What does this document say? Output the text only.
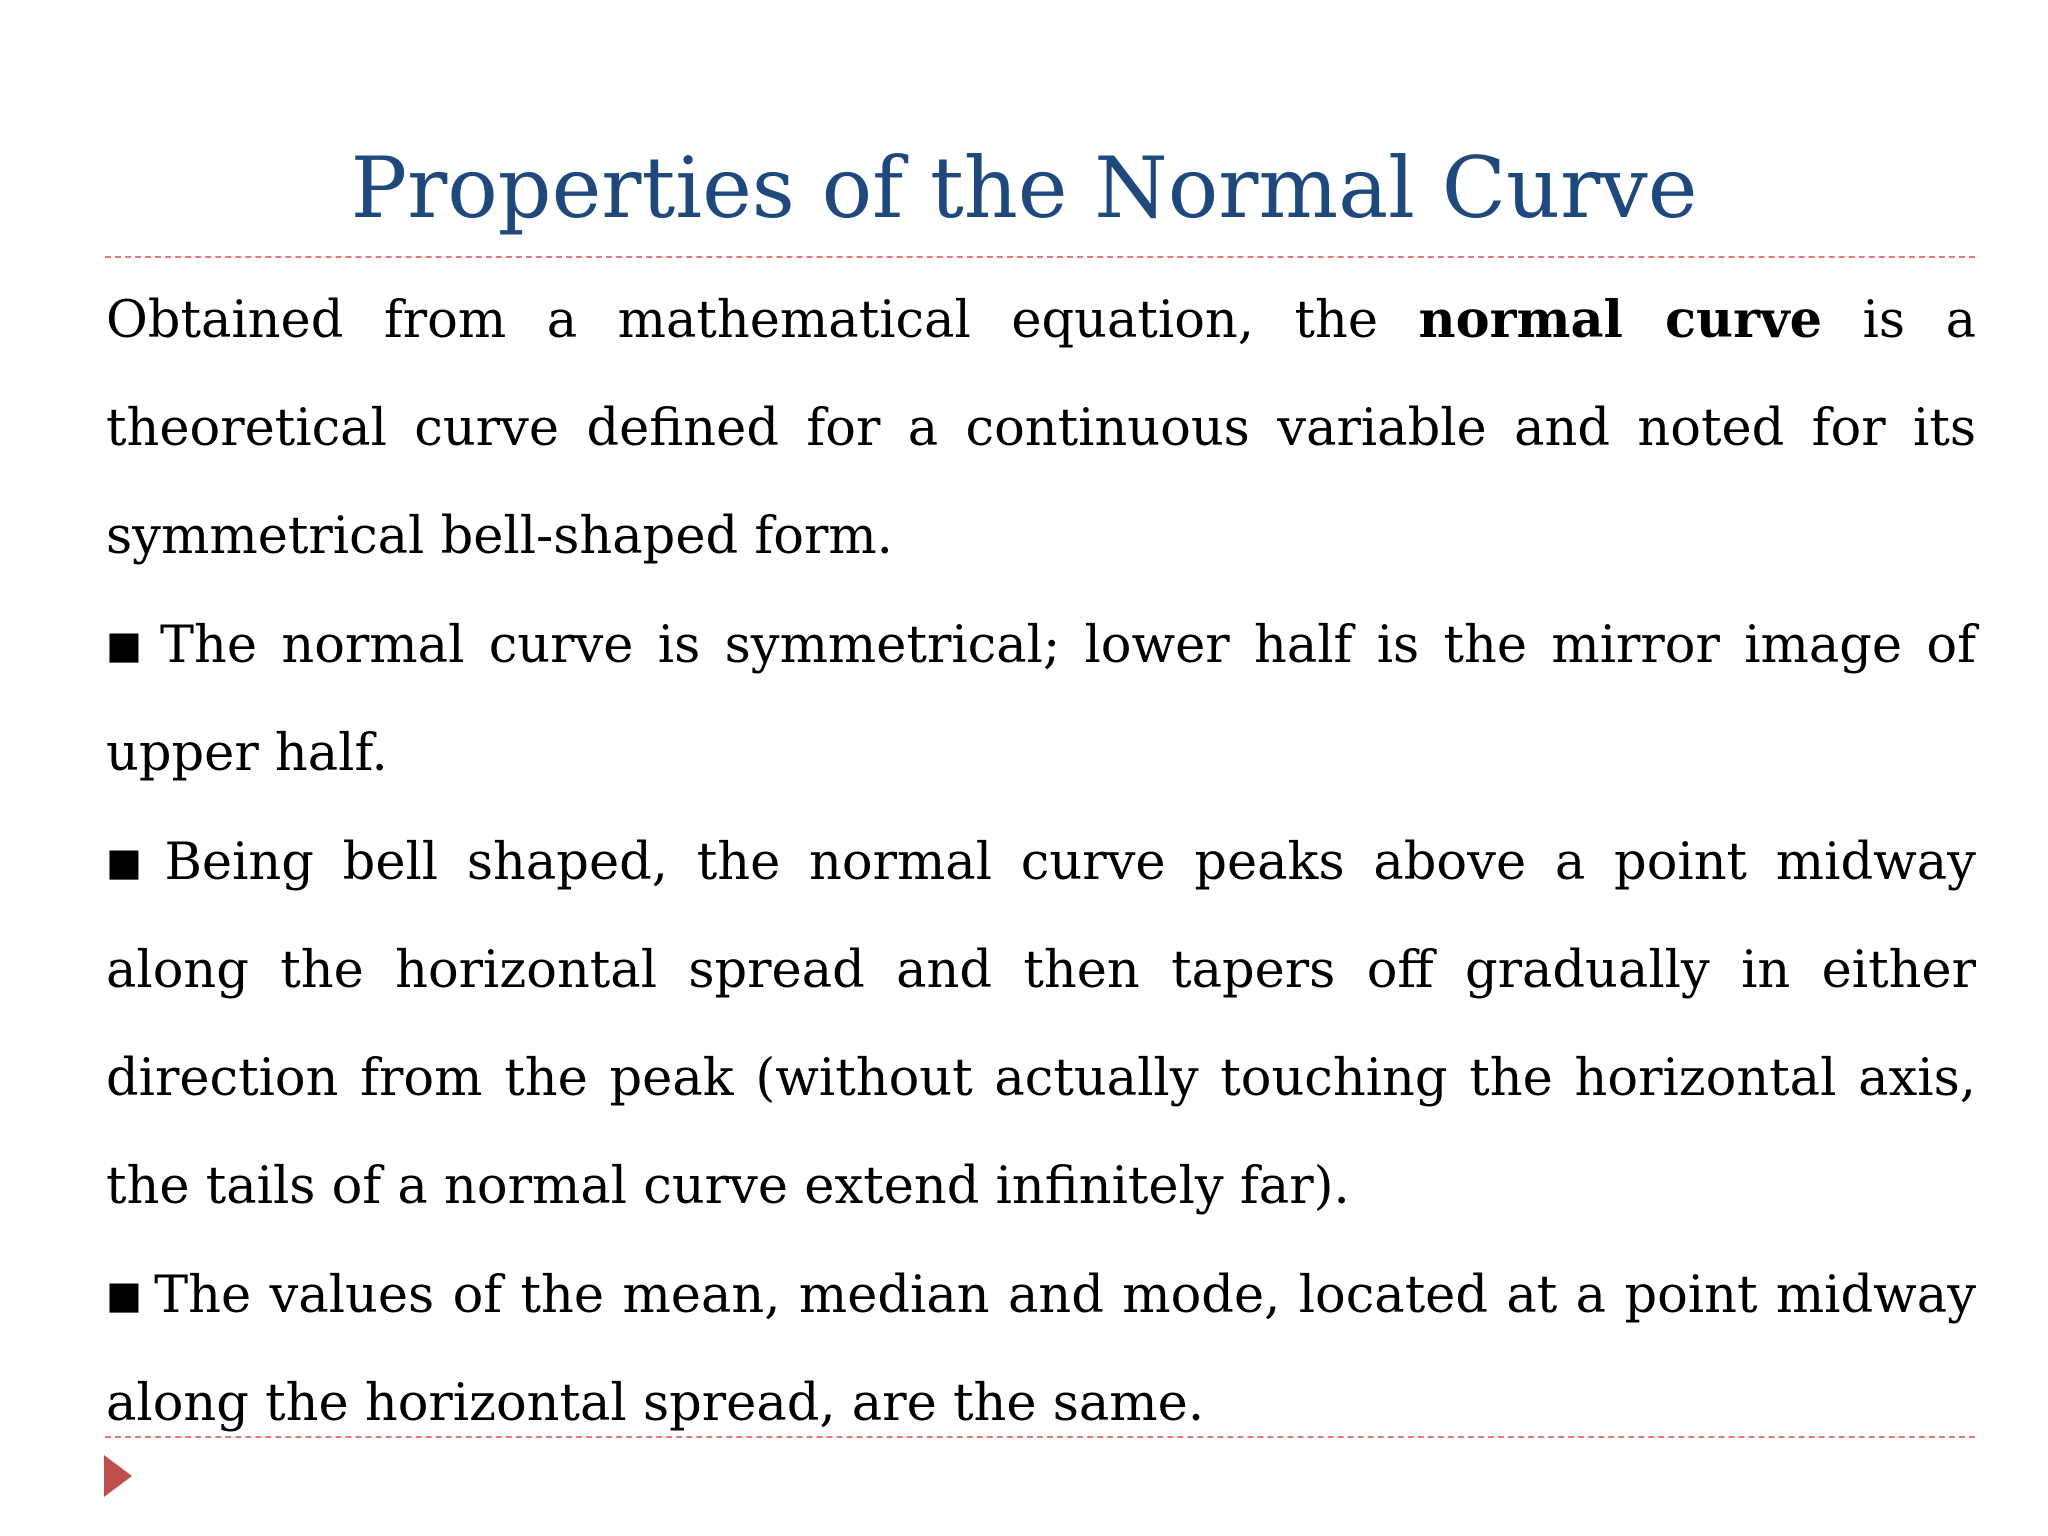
Properties of the Normal Curve

Obtained from a mathematical equation, the normal curve is a theoretical curve defined for a continuous variable and noted for its symmetrical bell-shaped form.

■ The normal curve is symmetrical; lower half is the mirror image of upper half.

■ Being bell shaped, the normal curve peaks above a point midway along the horizontal spread and then tapers off gradually in either direction from the peak (without actually touching the horizontal axis, the tails of a normal curve extend infinitely far).

■ The values of the mean, median and mode, located at a point midway along the horizontal spread, are the same.
